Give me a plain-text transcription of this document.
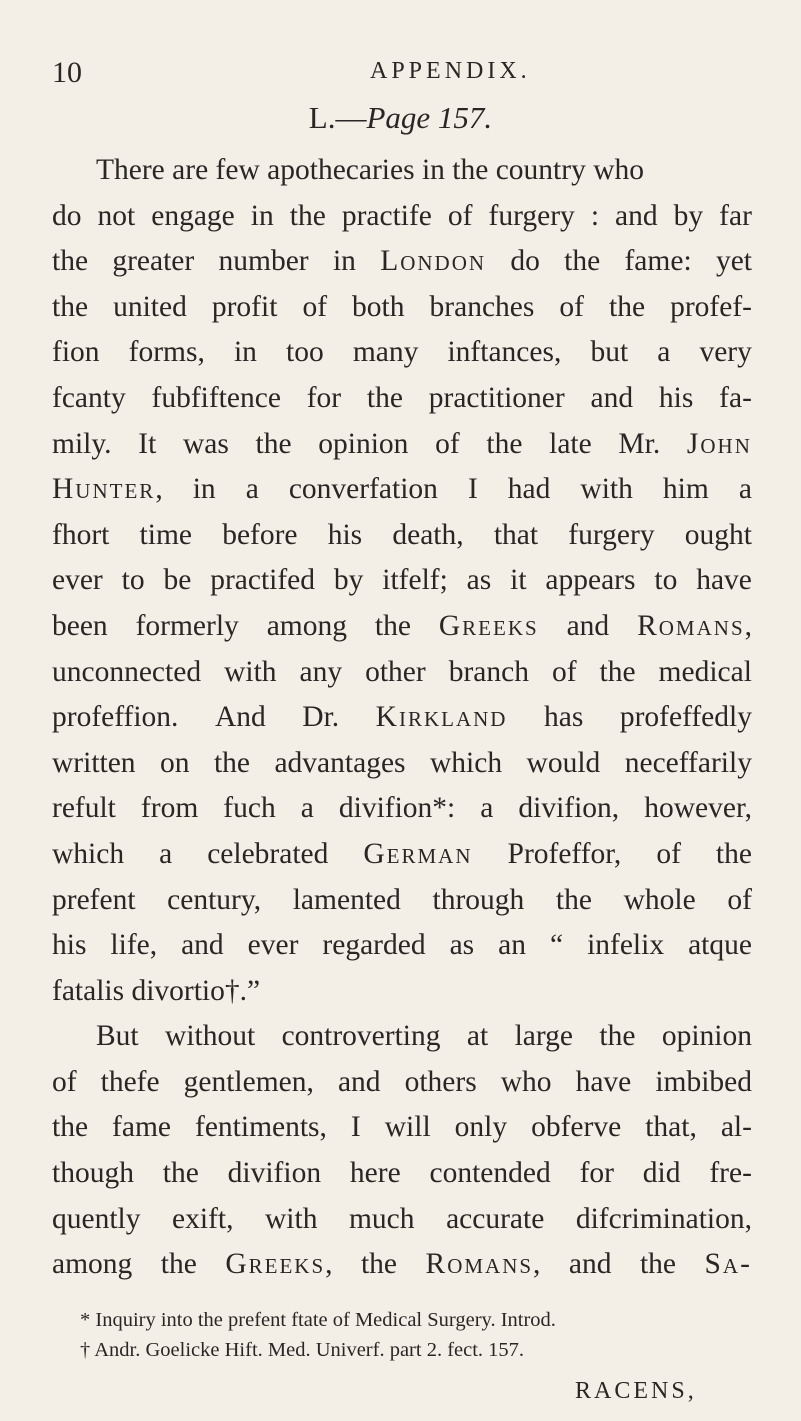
10	APPENDIX.
L.—Page 157.
There
are
few
apothecaries
in
the
country
who
do not engage in the practife of furgery : and by far
the greater number in London do the fame: yet
the united profit of both branches of the profef-
fion forms, in too many inftances, but a very
fcanty fubfiftence for the practitioner and his fa-
mily. It was the opinion of the late Mr. John
Hunter, in a converfation I had with him a
fhort time before his death, that furgery ought
ever to be practifed by itfelf; as it appears to have
been formerly among the Greeks and Romans,
unconnected with any other branch of the medical
profeffion. And Dr. Kirkland has profeffedly
written on the advantages which would neceffarily
refult from fuch a divifion*: a divifion, however,
which a celebrated German Profeffor, of the
prefent century, lamented through the whole of
his life, and ever regarded as an “ infelix atque
fatalis
divortio†.”
But without controverting at large the opinion
of thefe gentlemen, and others who have imbibed
the fame fentiments, I will only obferve that, al-
though the divifion here contended for did fre-
quently exift, with much accurate difcrimination,
among the Greeks, the Romans, and the Sa-
* Inquiry into the prefent ftate of Medical Surgery. Introd.
† Andr. Goelicke Hift. Med. Univerf. part 2. fect. 157.
RACENS,
